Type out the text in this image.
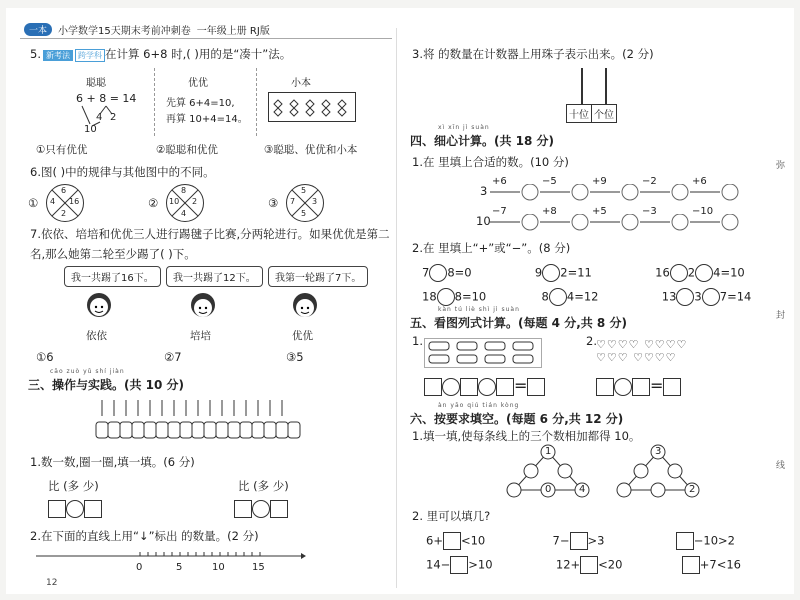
一本	小学数学15天期末考前冲刺卷 一年级上册 RJ版
5. 新考法 跨学科 在计算 6+8 时,( )用的是“凑十”法。
聪聪
6 + 8 = 14
4 2
10
优优
先算 6+4=10,
再算 10+4=14。
小本
①只有优优	②聪聪和优优	③聪聪、优优和小本
6.图( )中的规律与其他图中的不同。
①	②	③
6
4 16
2
8
10 2
4
5
7 3
5
7.依依、培培和优优三人进行踢毽子比赛,分两轮进行。如果优优是第二
名,那么她第二轮至少踢了( )下。
我一共踢了16下。	我一共踢了12下。	我第一轮踢了7下。
依依	培培	优优
①6	②7	③5
cāo zuò yǔ shí jiàn
三、操作与实践。(共 10 分)
1.数一数,圈一圈,填一填。(6 分)
比 (多 少)	比 (多 少)
2.在下面的直线上用“↓”标出 的数量。(2 分)
0	5	10	15
12
3.将 的数量在计数器上用珠子表示出来。(2 分)
十位 个位
xì xīn jì suàn
四、细心计算。(共 18 分)
1.在 里填上合适的数。(10 分)
3
+6	−5	+9	−2	+6
10
−7	+8	+5	−3	−10
2.在 里填上“+”或“−”。(8 分)
7 8=0	9 2=11	16 2 4=10
18 8=10	8 4=12	13 3 7=14
kàn tú liè shì jì suàn
五、看图列式计算。(每题 4 分,共 8 分)
1.	2. ♡♡♡♡ ♡♡♡♡
♡♡♡ ♡♡♡♡
=	=
àn yāo qiú tián kòng
六、按要求填空。(每题 6 分,共 12 分)
1.填一填,使每条线上的三个数相加都得 10。
1
0	4
3
2
2. 里可以填几?
6+ <10	7− >3	−10>2
14− >10	12+ <20	+7<16
弥
封
线
